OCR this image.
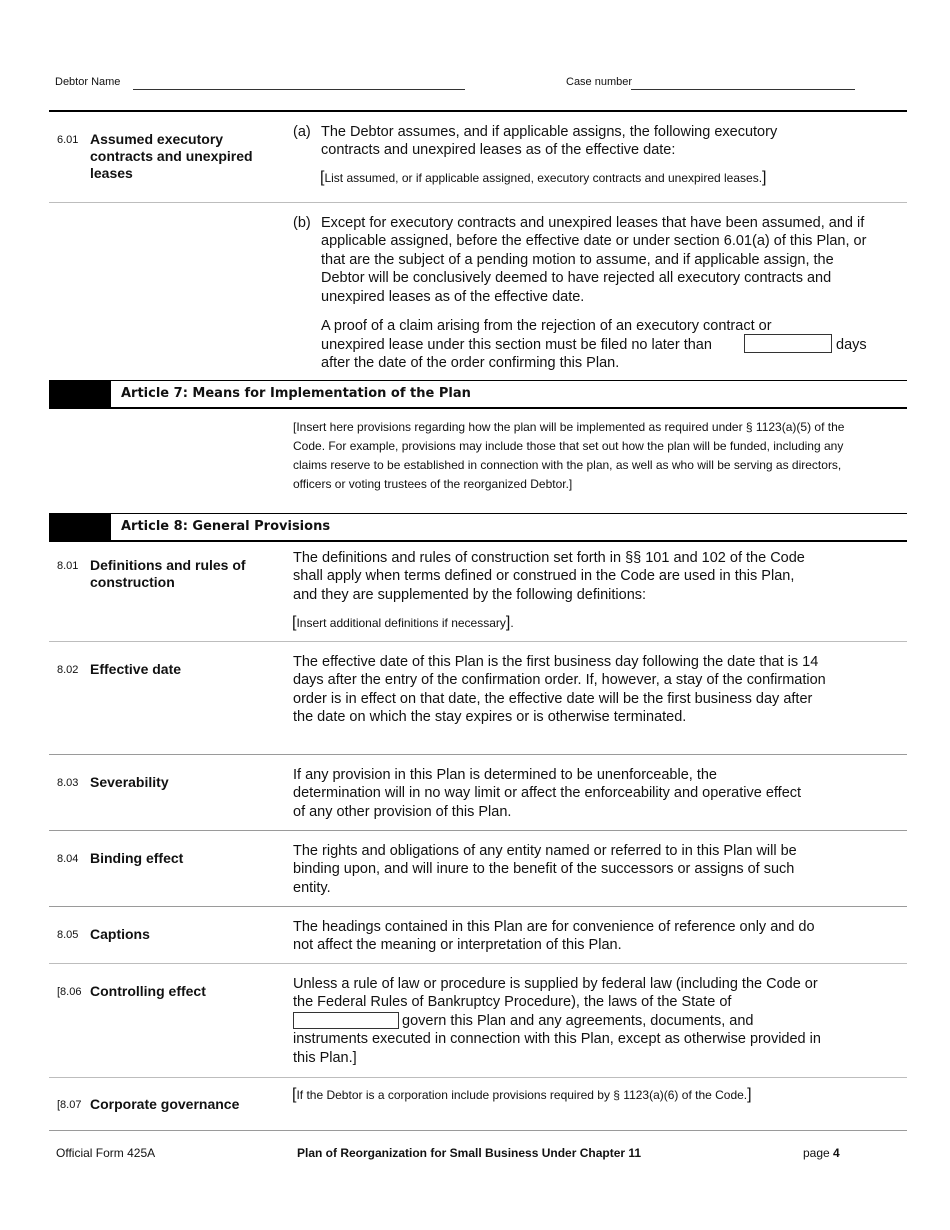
Debtor Name	Case number
6.01 Assumed executory contracts and unexpired leases
(a) The Debtor assumes, and if applicable assigns, the following executory contracts and unexpired leases as of the effective date:
[List assumed, or if applicable assigned, executory contracts and unexpired leases.]
(b) Except for executory contracts and unexpired leases that have been assumed, and if applicable assigned, before the effective date or under section 6.01(a) of this Plan, or that are the subject of a pending motion to assume, and if applicable assign, the Debtor will be conclusively deemed to have rejected all executory contracts and unexpired leases as of the effective date.
A proof of a claim arising from the rejection of an executory contract or
unexpired lease under this section must be filed no later than	days
after the date of the order confirming this Plan.
Article 7: Means for Implementation of the Plan
[Insert here provisions regarding how the plan will be implemented as required under § 1123(a)(5) of the Code. For example, provisions may include those that set out how the plan will be funded, including any claims reserve to be established in connection with the plan, as well as who will be serving as directors, officers or voting trustees of the reorganized Debtor.]
Article 8: General Provisions
8.01 Definitions and rules of construction
The definitions and rules of construction set forth in §§ 101 and 102 of the Code shall apply when terms defined or construed in the Code are used in this Plan, and they are supplemented by the following definitions:
[Insert additional definitions if necessary].
8.02 Effective date	The effective date of this Plan is the first business day following the date that is 14 days after the entry of the confirmation order. If, however, a stay of the confirmation order is in effect on that date, the effective date will be the first business day after the date on which the stay expires or is otherwise terminated.
8.03 Severability	If any provision in this Plan is determined to be unenforceable, the determination will in no way limit or affect the enforceability and operative effect of any other provision of this Plan.
8.04 Binding effect	The rights and obligations of any entity named or referred to in this Plan will be binding upon, and will inure to the benefit of the successors or assigns of such entity.
8.05 Captions	The headings contained in this Plan are for convenience of reference only and do not affect the meaning or interpretation of this Plan.
[8.06 Controlling effect	Unless a rule of law or procedure is supplied by federal law (including the Code or the Federal Rules of Bankruptcy Procedure), the laws of the State of
govern this Plan and any agreements, documents, and instruments executed in connection with this Plan, except as otherwise provided in this Plan.]
[8.07 Corporate governance
[If the Debtor is a corporation include provisions required by § 1123(a)(6) of the Code.]
Official Form 425A	Plan of Reorganization for Small Business Under Chapter 11	page 4
